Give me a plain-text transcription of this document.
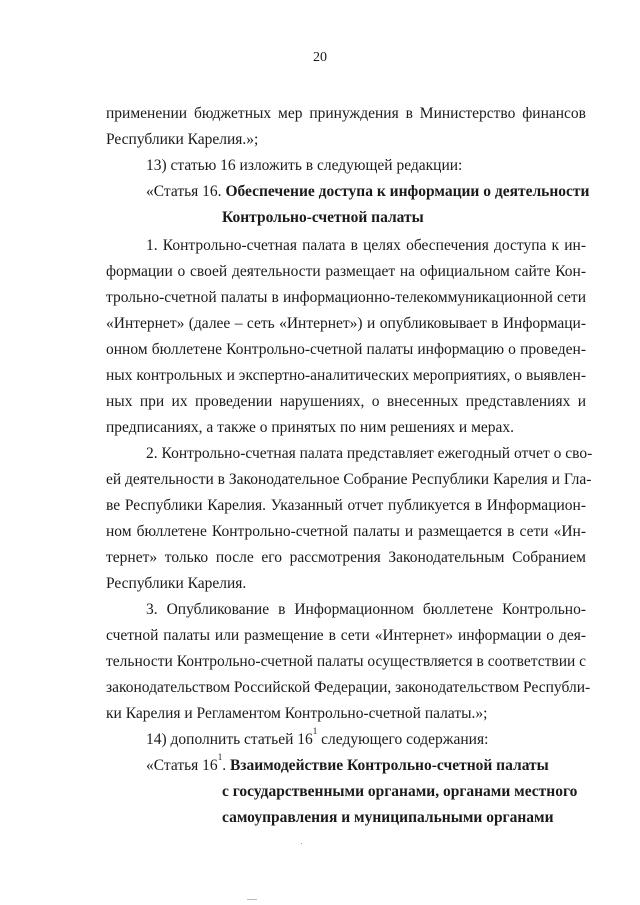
20
применении бюджетных мер принуждения в Министерство финансов
Республики Карелия.»;
13) статью 16 изложить в следующей редакции:
«Статья 16. Обеспечение доступа к информации о деятельности
Контрольно-счетной палаты
1. Контрольно-счетная палата в целях обеспечения доступа к ин-
формации о своей деятельности размещает на официальном сайте Кон-
трольно-счетной палаты в информационно-телекоммуникационной сети
«Интернет» (далее – сеть «Интернет») и опубликовывает в Информаци-
онном бюллетене Контрольно-счетной палаты информацию о проведен-
ных контрольных и экспертно-аналитических мероприятиях, о выявлен-
ных при их проведении нарушениях, о внесенных представлениях и
предписаниях, а также о принятых по ним решениях и мерах.
2. Контрольно-счетная палата представляет ежегодный отчет о сво-
ей деятельности в Законодательное Собрание Республики Карелия и Гла-
ве Республики Карелия. Указанный отчет публикуется в Информацион-
ном бюллетене Контрольно-счетной палаты и размещается в сети «Ин-
тернет» только после его рассмотрения Законодательным Собранием
Республики Карелия.
3. Опубликование в Информационном бюллетене Контрольно-
счетной палаты или размещение в сети «Интернет» информации о дея-
тельности Контрольно-счетной палаты осуществляется в соответствии с
законодательством Российской Федерации, законодательством Республи-
ки Карелия и Регламентом Контрольно-счетной палаты.»;
14) дополнить статьей $16^1$ следующего содержания:
«Статья $16^1$. Взаимодействие Контрольно-счетной палаты
с государственными органами, органами местного
самоуправления и муниципальными органами
